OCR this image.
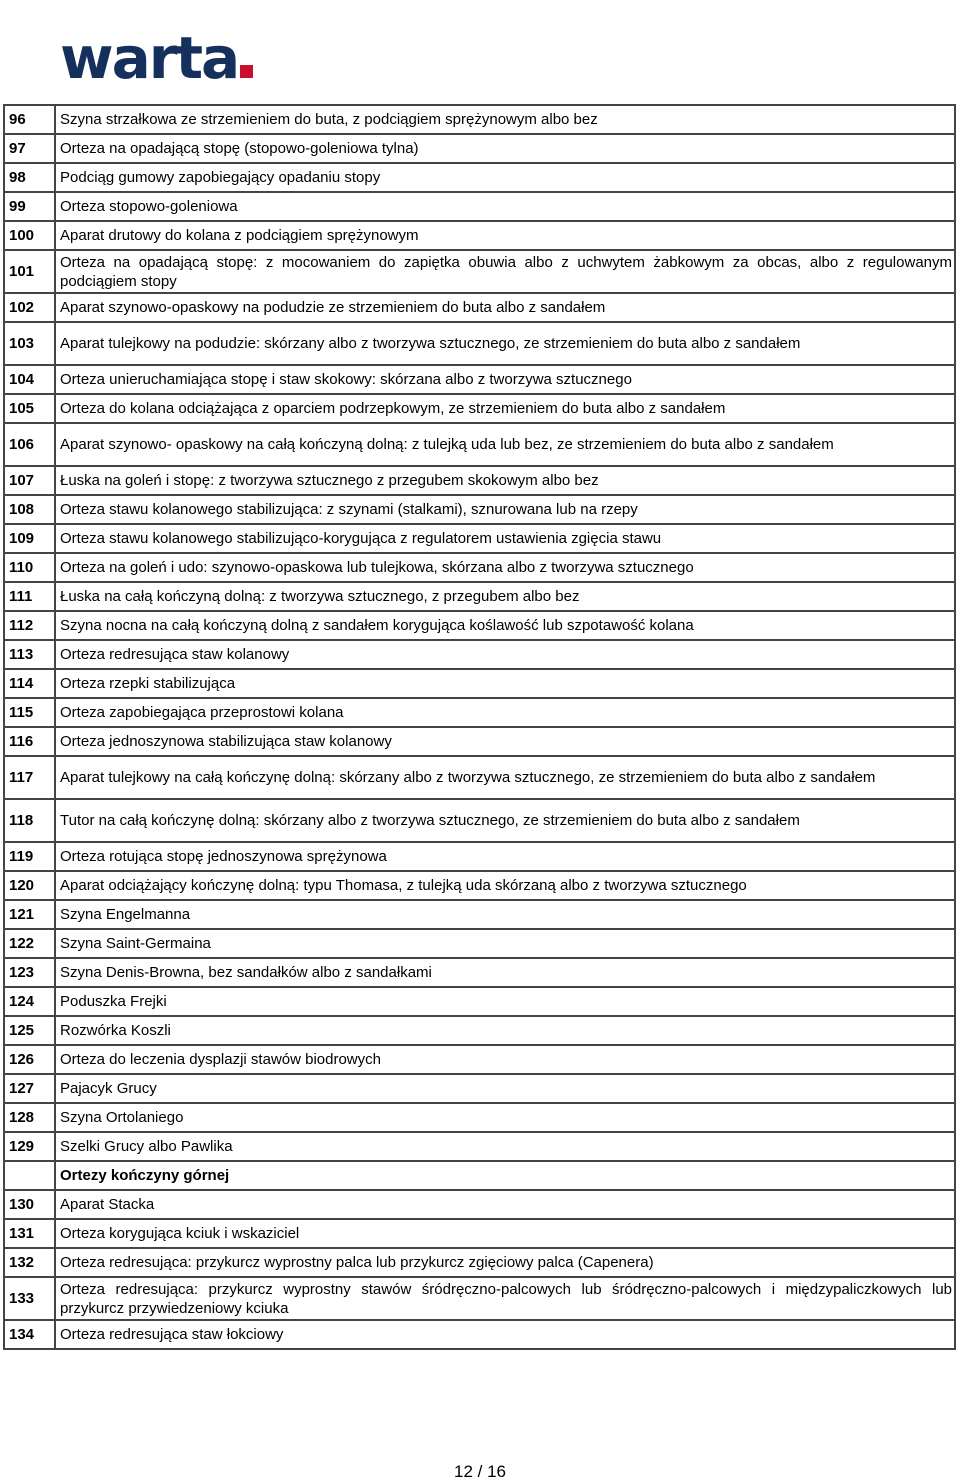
warta
96	Szyna strzałkowa ze strzemieniem do buta, z podciągiem sprężynowym albo bez
97	Orteza na opadającą stopę (stopowo-goleniowa tylna)
98	Podciąg gumowy zapobiegający opadaniu stopy
99	Orteza stopowo-goleniowa
100	Aparat drutowy do kolana z podciągiem sprężynowym
101	Orteza na opadającą stopę: z mocowaniem do zapiętka obuwia albo z uchwytem żabkowym za obcas, albo z regulowanym podciągiem stopy
102	Aparat szynowo-opaskowy na podudzie ze strzemieniem do buta albo z sandałem
103	Aparat tulejkowy na podudzie: skórzany albo z tworzywa sztucznego, ze strzemieniem do buta albo z sandałem
104	Orteza unieruchamiająca stopę i staw skokowy: skórzana albo z tworzywa sztucznego
105	Orteza do kolana odciążająca z oparciem podrzepkowym, ze strzemieniem do buta albo z sandałem
106	Aparat szynowo- opaskowy na całą kończyną dolną: z tulejką uda lub bez, ze strzemieniem do buta albo z sandałem
107	Łuska na goleń i stopę: z tworzywa sztucznego z przegubem skokowym albo bez
108	Orteza stawu kolanowego stabilizująca: z szynami (stalkami), sznurowana lub na rzepy
109	Orteza stawu kolanowego stabilizująco-korygująca z regulatorem ustawienia zgięcia stawu
110	Orteza na goleń i udo: szynowo-opaskowa lub tulejkowa, skórzana albo z tworzywa sztucznego
111	Łuska na całą kończyną dolną: z tworzywa sztucznego, z przegubem albo bez
112	Szyna nocna na całą kończyną dolną z sandałem korygująca koślawość lub szpotawość kolana
113	Orteza redresująca staw kolanowy
114	Orteza rzepki stabilizująca
115	Orteza zapobiegająca przeprostowi kolana
116	Orteza jednoszynowa stabilizująca staw kolanowy
117	Aparat tulejkowy na całą kończynę dolną: skórzany albo z tworzywa sztucznego, ze strzemieniem do buta albo z sandałem
118	Tutor na całą kończynę dolną: skórzany albo z tworzywa sztucznego, ze strzemieniem do buta albo z sandałem
119	Orteza rotująca stopę jednoszynowa sprężynowa
120	Aparat odciążający kończynę dolną: typu Thomasa, z tulejką uda skórzaną albo z tworzywa sztucznego
121	Szyna Engelmanna
122	Szyna Saint-Germaina
123	Szyna Denis-Browna, bez sandałków albo z sandałkami
124	Poduszka Frejki
125	Rozwórka Koszli
126	Orteza do leczenia dysplazji stawów biodrowych
127	Pajacyk Grucy
128	Szyna Ortolaniego
129	Szelki Grucy albo Pawlika
	Ortezy kończyny górnej
130	Aparat Stacka
131	Orteza korygująca kciuk i wskaziciel
132	Orteza redresująca: przykurcz wyprostny palca lub przykurcz zgięciowy palca (Capenera)
133	Orteza redresująca: przykurcz wyprostny stawów śródręczno-palcowych lub śródręczno-palcowych i międzypaliczkowych lub przykurcz przywiedzeniowy kciuka
134	Orteza redresująca staw łokciowy
12 / 16
